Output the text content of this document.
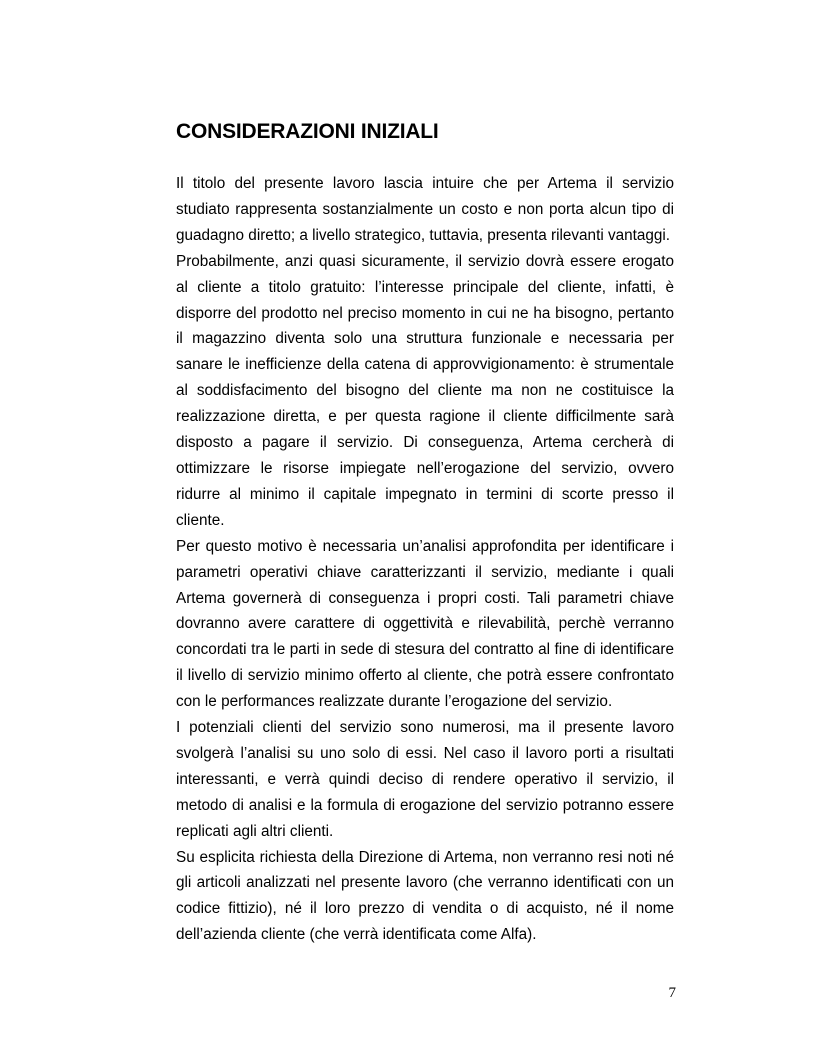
CONSIDERAZIONI INIZIALI

Il titolo del presente lavoro lascia intuire che per Artema il servizio studiato rappresenta sostanzialmente un costo e non porta alcun tipo di guadagno diretto; a livello strategico, tuttavia, presenta rilevanti vantaggi.

Probabilmente, anzi quasi sicuramente, il servizio dovrà essere erogato al cliente a titolo gratuito: l’interesse principale del cliente, infatti, è disporre del prodotto nel preciso momento in cui ne ha bisogno, pertanto il magazzino diventa solo una struttura funzionale e necessaria per sanare le inefficienze della catena di approvvigionamento: è strumentale al soddisfacimento del bisogno del cliente ma non ne costituisce la realizzazione diretta, e per questa ragione il cliente difficilmente sarà disposto a pagare il servizio. Di conseguenza, Artema cercherà di ottimizzare le risorse impiegate nell’erogazione del servizio, ovvero ridurre al minimo il capitale impegnato in termini di scorte presso il cliente.

Per questo motivo è necessaria un’analisi approfondita per identificare i parametri operativi chiave caratterizzanti il servizio, mediante i quali Artema governerà di conseguenza i propri costi. Tali parametri chiave dovranno avere carattere di oggettività e rilevabilità, perchè verranno concordati tra le parti in sede di stesura del contratto al fine di identificare il livello di servizio minimo offerto al cliente, che potrà essere confrontato con le performances realizzate durante l’erogazione del servizio.

I potenziali clienti del servizio sono numerosi, ma il presente lavoro svolgerà l’analisi su uno solo di essi. Nel caso il lavoro porti a risultati interessanti, e verrà quindi deciso di rendere operativo il servizio, il metodo di analisi e la formula di erogazione del servizio potranno essere replicati agli altri clienti.

Su esplicita richiesta della Direzione di Artema, non verranno resi noti né gli articoli analizzati nel presente lavoro (che verranno identificati con un codice fittizio), né il loro prezzo di vendita o di acquisto, né il nome dell’azienda cliente (che verrà identificata come Alfa).

7
